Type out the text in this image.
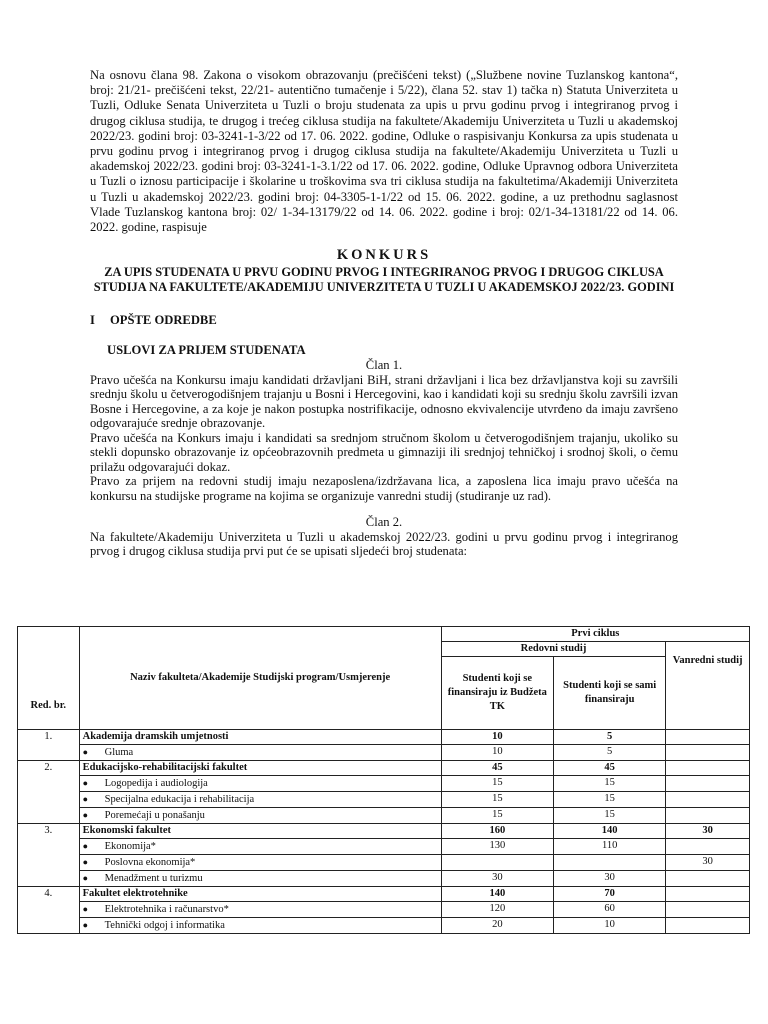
Na osnovu člana 98. Zakona o visokom obrazovanju (prečišćeni tekst) („Službene novine Tuzlanskog kantona“, broj: 21/21- prečišćeni tekst, 22/21- autentično tumačenje i 5/22), člana 52. stav 1) tačka n) Statuta Univerziteta u Tuzli, Odluke Senata Univerziteta u Tuzli o broju studenata za upis u prvu godinu prvog i integriranog prvog i drugog ciklusa studija, te drugog i trećeg ciklusa studija na fakultete/Akademiju Univerziteta u Tuzli u akademskoj 2022/23. godini broj: 03-3241-1-3/22 od 17. 06. 2022. godine, Odluke o raspisivanju Konkursa za upis studenata u prvu godinu prvog i integriranog prvog i drugog ciklusa studija na fakultete/Akademiju Univerziteta u Tuzli u akademskoj 2022/23. godini broj: 03-3241-1-3.1/22 od 17. 06. 2022. godine, Odluke Upravnog odbora Univerziteta u Tuzli o iznosu participacije i školarine u troškovima sva tri ciklusa studija na fakultetima/Akademiji Univerziteta u Tuzli u akademskoj 2022/23. godini broj: 04-3305-1-1/22 od 15. 06. 2022. godine, a uz prethodnu saglasnost Vlade Tuzlanskog kantona broj: 02/ 1-34-13179/22 od 14. 06. 2022. godine i broj: 02/1-34-13181/22 od 14. 06. 2022. godine, raspisuje

KONKURS
ZA UPIS STUDENATA U PRVU GODINU PRVOG I INTEGRIRANOG PRVOG I DRUGOG CIKLUSA STUDIJA NA FAKULTETE/AKADEMIJU UNIVERZITETA U TUZLI U AKADEMSKOJ 2022/23. GODINI
I OPŠTE ODREDBE
USLOVI ZA PRIJEM STUDENATA
Član 1.

Pravo učešća na Konkursu imaju kandidati državljani BiH, strani državljani i lica bez državljanstva koji su završili srednju školu u četverogodišnjem trajanju u Bosni i Hercegovini, kao i kandidati koji su srednju školu završili izvan Bosne i Hercegovine, a za koje je nakon postupka nostrifikacije, odnosno ekvivalencije utvrđeno da imaju završeno odgovarajuće srednje obrazovanje.

Pravo učešća na Konkurs imaju i kandidati sa srednjom stručnom školom u četverogodišnjem trajanju, ukoliko su stekli dopunsko obrazovanje iz općeobrazovnih predmeta u gimnaziji ili srednjoj tehničkoj i srodnoj školi, o čemu prilažu odgovarajući dokaz.

Pravo za prijem na redovni studij imaju nezaposlena/izdržavana lica, a zaposlena lica imaju pravo učešća na konkursu na studijske programe na kojima se organizuje vanredni studij (studiranje uz rad).

Član 2.

Na fakultete/Akademiju Univerziteta u Tuzli u akademskoj 2022/23. godini u prvu godinu prvog i integriranog prvog i drugog ciklusa studija prvi put će se upisati sljedeći broj studenata:

Red. br.	Naziv fakulteta/Akademije Studijski program/Usmjerenje	Prvi ciklus		
		Redovni studij		Vanredni studij
		Studenti koji se finansiraju iz Budžeta TK	Studenti koji se sami finansiraju	
1.	Akademija dramskih umjetnosti	10	5	
	● Gluma	10	5	
2.	Edukacijsko-rehabilitacijski fakultet	45	45	
	● Logopedija i audiologija	15	15	
	● Specijalna edukacija i rehabilitacija	15	15	
	● Poremećaji u ponašanju	15	15	
3.	Ekonomski fakultet	160	140	30
	● Ekonomija*	130	110	
	● Poslovna ekonomija*			30
	● Menadžment u turizmu	30	30	
4.	Fakultet elektrotehnike	140	70	
	● Elektrotehnika i računarstvo*	120	60	
	● Tehnički odgoj i informatika	20	10	
